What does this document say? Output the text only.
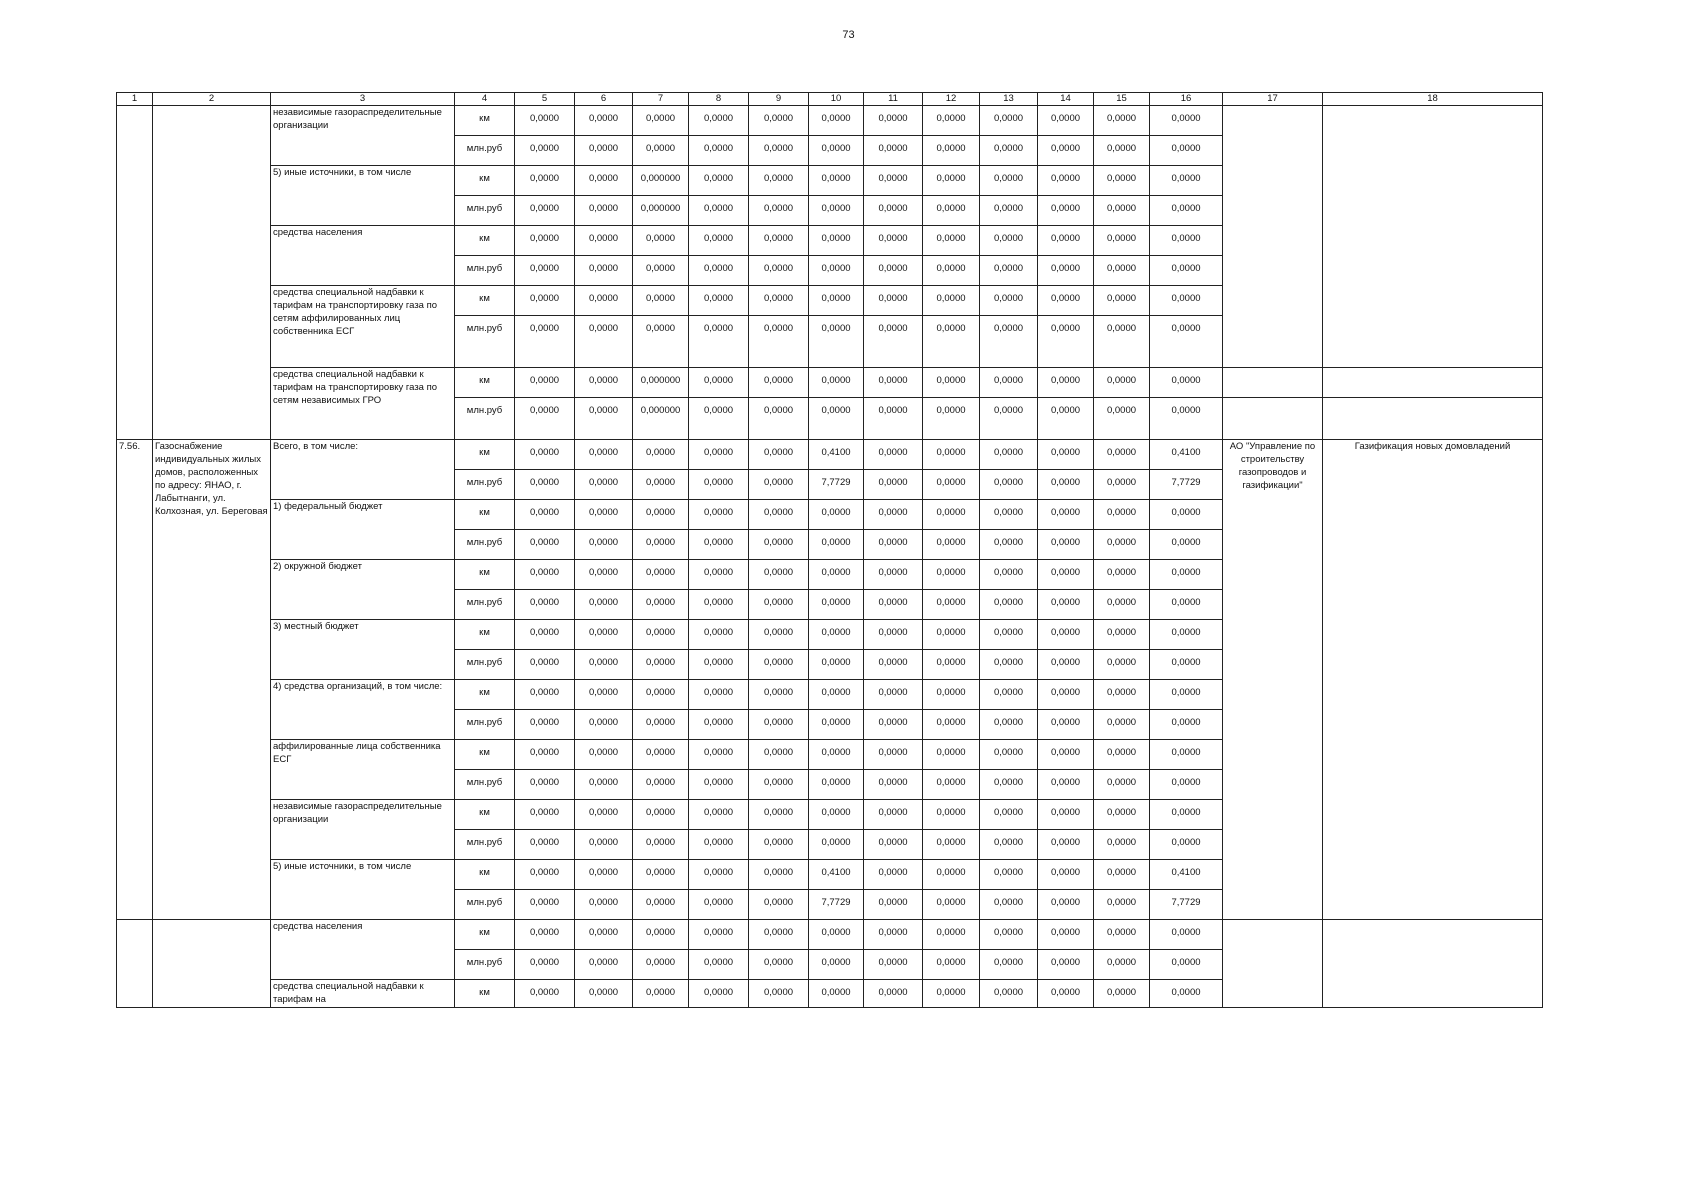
73
1	2	3	4	5	6	7	8	9	10	11	12	13	14	15	16	17	18
		независимые газораспределительные организации	км	0,0000	0,0000	0,0000	0,0000	0,0000	0,0000	0,0000	0,0000	0,0000	0,0000	0,0000	0,0000		
			млн.руб	0,0000	0,0000	0,0000	0,0000	0,0000	0,0000	0,0000	0,0000	0,0000	0,0000	0,0000	0,0000		
		5) иные источники, в том числе	км	0,0000	0,0000	0,000000	0,0000	0,0000	0,0000	0,0000	0,0000	0,0000	0,0000	0,0000	0,0000		
			млн.руб	0,0000	0,0000	0,000000	0,0000	0,0000	0,0000	0,0000	0,0000	0,0000	0,0000	0,0000	0,0000		
		средства населения	км	0,0000	0,0000	0,0000	0,0000	0,0000	0,0000	0,0000	0,0000	0,0000	0,0000	0,0000	0,0000		
			млн.руб	0,0000	0,0000	0,0000	0,0000	0,0000	0,0000	0,0000	0,0000	0,0000	0,0000	0,0000	0,0000		
		средства специальной надбавки к тарифам на транспортировку газа по сетям аффилированных лиц собственника ЕСГ	км	0,0000	0,0000	0,0000	0,0000	0,0000	0,0000	0,0000	0,0000	0,0000	0,0000	0,0000	0,0000		
			млн.руб	0,0000	0,0000	0,0000	0,0000	0,0000	0,0000	0,0000	0,0000	0,0000	0,0000	0,0000	0,0000		
		средства специальной надбавки к тарифам на транспортировку газа по сетям независимых ГРО	км	0,0000	0,0000	0,000000	0,0000	0,0000	0,0000	0,0000	0,0000	0,0000	0,0000	0,0000	0,0000		
			млн.руб	0,0000	0,0000	0,000000	0,0000	0,0000	0,0000	0,0000	0,0000	0,0000	0,0000	0,0000	0,0000		
7.56.	Газоснабжение индивидуальных жилых домов, расположенных по адресу: ЯНАО, г. Лабытнанги, ул. Колхозная, ул. Береговая	Всего, в том числе:	км	0,0000	0,0000	0,0000	0,0000	0,0000	0,4100	0,0000	0,0000	0,0000	0,0000	0,0000	0,4100	АО "Управление по строительству газопроводов и газификации"	Газификация новых домовладений
			млн.руб	0,0000	0,0000	0,0000	0,0000	0,0000	7,7729	0,0000	0,0000	0,0000	0,0000	0,0000	7,7729		
		1) федеральный бюджет	км	0,0000	0,0000	0,0000	0,0000	0,0000	0,0000	0,0000	0,0000	0,0000	0,0000	0,0000	0,0000		
			млн.руб	0,0000	0,0000	0,0000	0,0000	0,0000	0,0000	0,0000	0,0000	0,0000	0,0000	0,0000	0,0000		
		2) окружной бюджет	км	0,0000	0,0000	0,0000	0,0000	0,0000	0,0000	0,0000	0,0000	0,0000	0,0000	0,0000	0,0000		
			млн.руб	0,0000	0,0000	0,0000	0,0000	0,0000	0,0000	0,0000	0,0000	0,0000	0,0000	0,0000	0,0000		
		3) местный бюджет	км	0,0000	0,0000	0,0000	0,0000	0,0000	0,0000	0,0000	0,0000	0,0000	0,0000	0,0000	0,0000		
			млн.руб	0,0000	0,0000	0,0000	0,0000	0,0000	0,0000	0,0000	0,0000	0,0000	0,0000	0,0000	0,0000		
		4) средства организаций, в том числе:	км	0,0000	0,0000	0,0000	0,0000	0,0000	0,0000	0,0000	0,0000	0,0000	0,0000	0,0000	0,0000		
			млн.руб	0,0000	0,0000	0,0000	0,0000	0,0000	0,0000	0,0000	0,0000	0,0000	0,0000	0,0000	0,0000		
		аффилированные лица собственника ЕСГ	км	0,0000	0,0000	0,0000	0,0000	0,0000	0,0000	0,0000	0,0000	0,0000	0,0000	0,0000	0,0000		
			млн.руб	0,0000	0,0000	0,0000	0,0000	0,0000	0,0000	0,0000	0,0000	0,0000	0,0000	0,0000	0,0000		
		независимые газораспределительные организации	км	0,0000	0,0000	0,0000	0,0000	0,0000	0,0000	0,0000	0,0000	0,0000	0,0000	0,0000	0,0000		
			млн.руб	0,0000	0,0000	0,0000	0,0000	0,0000	0,0000	0,0000	0,0000	0,0000	0,0000	0,0000	0,0000		
		5) иные источники, в том числе	км	0,0000	0,0000	0,0000	0,0000	0,0000	0,4100	0,0000	0,0000	0,0000	0,0000	0,0000	0,4100		
			млн.руб	0,0000	0,0000	0,0000	0,0000	0,0000	7,7729	0,0000	0,0000	0,0000	0,0000	0,0000	7,7729		
		средства населения	км	0,0000	0,0000	0,0000	0,0000	0,0000	0,0000	0,0000	0,0000	0,0000	0,0000	0,0000	0,0000		
			млн.руб	0,0000	0,0000	0,0000	0,0000	0,0000	0,0000	0,0000	0,0000	0,0000	0,0000	0,0000	0,0000		
		средства специальной надбавки к тарифам на	км	0,0000	0,0000	0,0000	0,0000	0,0000	0,0000	0,0000	0,0000	0,0000	0,0000	0,0000	0,0000		
